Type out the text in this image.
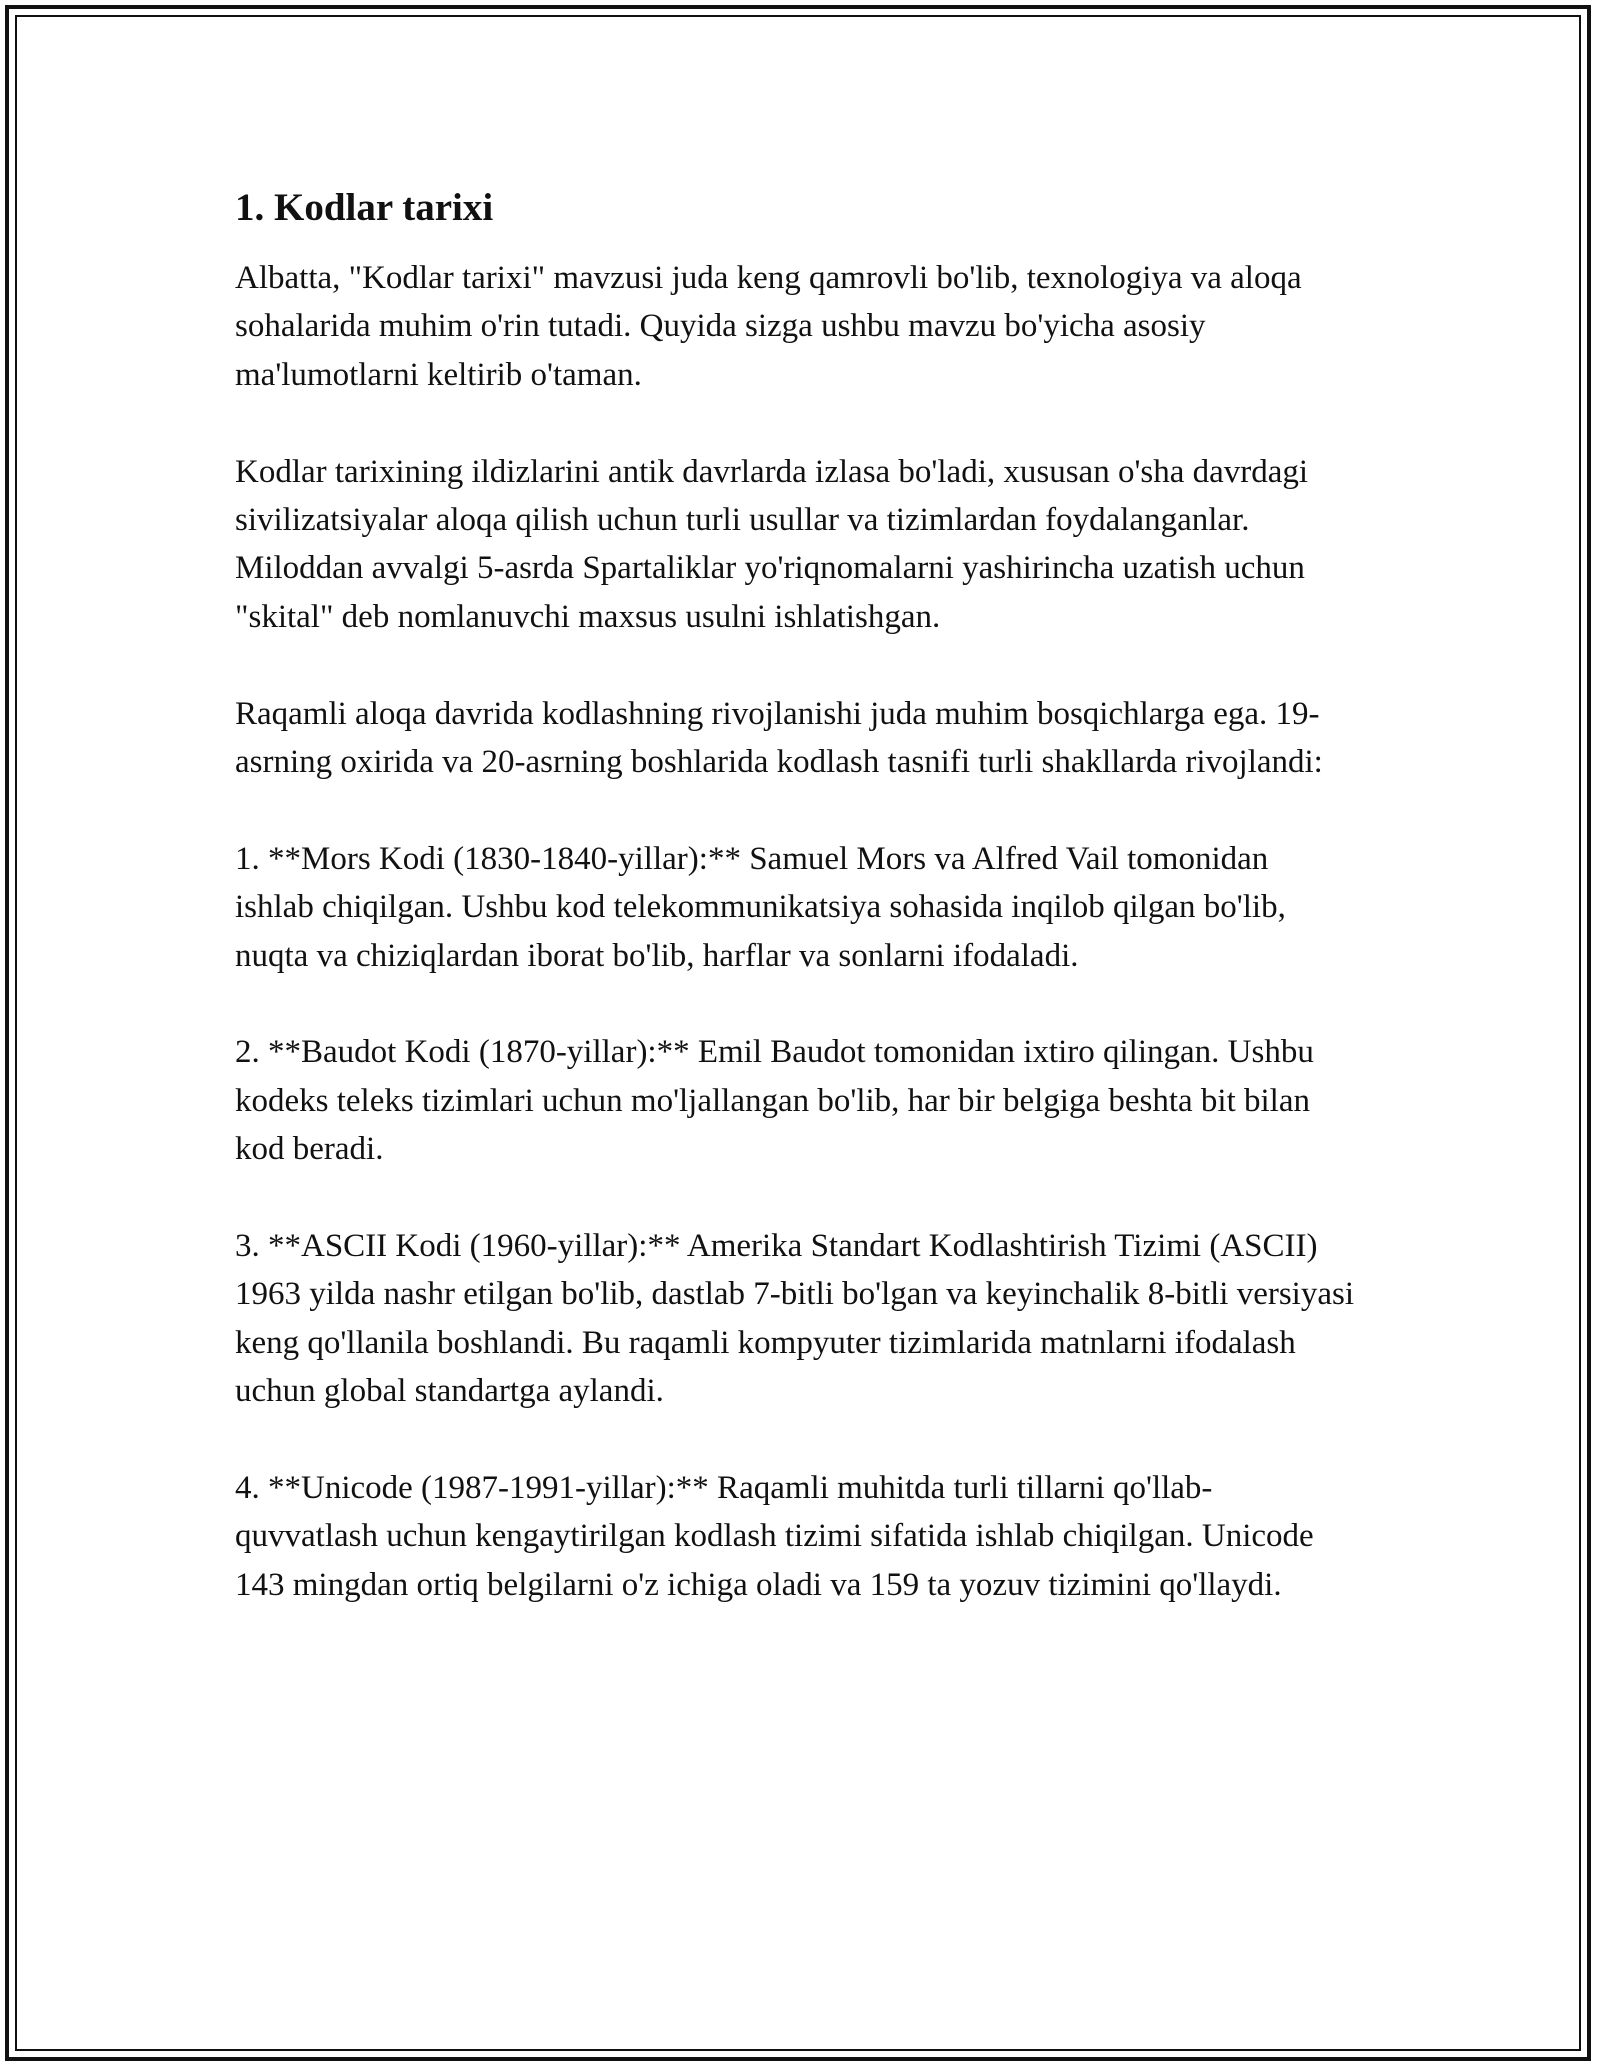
1. Kodlar tarixi

Albatta, "Kodlar tarixi" mavzusi juda keng qamrovli bo'lib, texnologiya va aloqa sohalarida muhim o'rin tutadi. Quyida sizga ushbu mavzu bo'yicha asosiy ma'lumotlarni keltirib o'taman.

Kodlar tarixining ildizlarini antik davrlarda izlasa bo'ladi, xususan o'sha davrdagi sivilizatsiyalar aloqa qilish uchun turli usullar va tizimlardan foydalanganlar. Miloddan avvalgi 5-asrda Spartaliklar yo'riqnomalarni yashirincha uzatish uchun "skital" deb nomlanuvchi maxsus usulni ishlatishgan.

Raqamli aloqa davrida kodlashning rivojlanishi juda muhim bosqichlarga ega. 19-asrning oxirida va 20-asrning boshlarida kodlash tasnifi turli shakllarda rivojlandi:

1. **Mors Kodi (1830-1840-yillar):** Samuel Mors va Alfred Vail tomonidan ishlab chiqilgan. Ushbu kod telekommunikatsiya sohasida inqilob qilgan bo'lib, nuqta va chiziqlardan iborat bo'lib, harflar va sonlarni ifodaladi.

2. **Baudot Kodi (1870-yillar):** Emil Baudot tomonidan ixtiro qilingan. Ushbu kodeks teleks tizimlari uchun mo'ljallangan bo'lib, har bir belgiga beshta bit bilan kod beradi.

3. **ASCII Kodi (1960-yillar):** Amerika Standart Kodlashtirish Tizimi (ASCII) 1963 yilda nashr etilgan bo'lib, dastlab 7-bitli bo'lgan va keyinchalik 8-bitli versiyasi keng qo'llanila boshlandi. Bu raqamli kompyuter tizimlarida matnlarni ifodalash uchun global standartga aylandi.

4. **Unicode (1987-1991-yillar):** Raqamli muhitda turli tillarni qo'llab-quvvatlash uchun kengaytirilgan kodlash tizimi sifatida ishlab chiqilgan. Unicode 143 mingdan ortiq belgilarni o'z ichiga oladi va 159 ta yozuv tizimini qo'llaydi.
